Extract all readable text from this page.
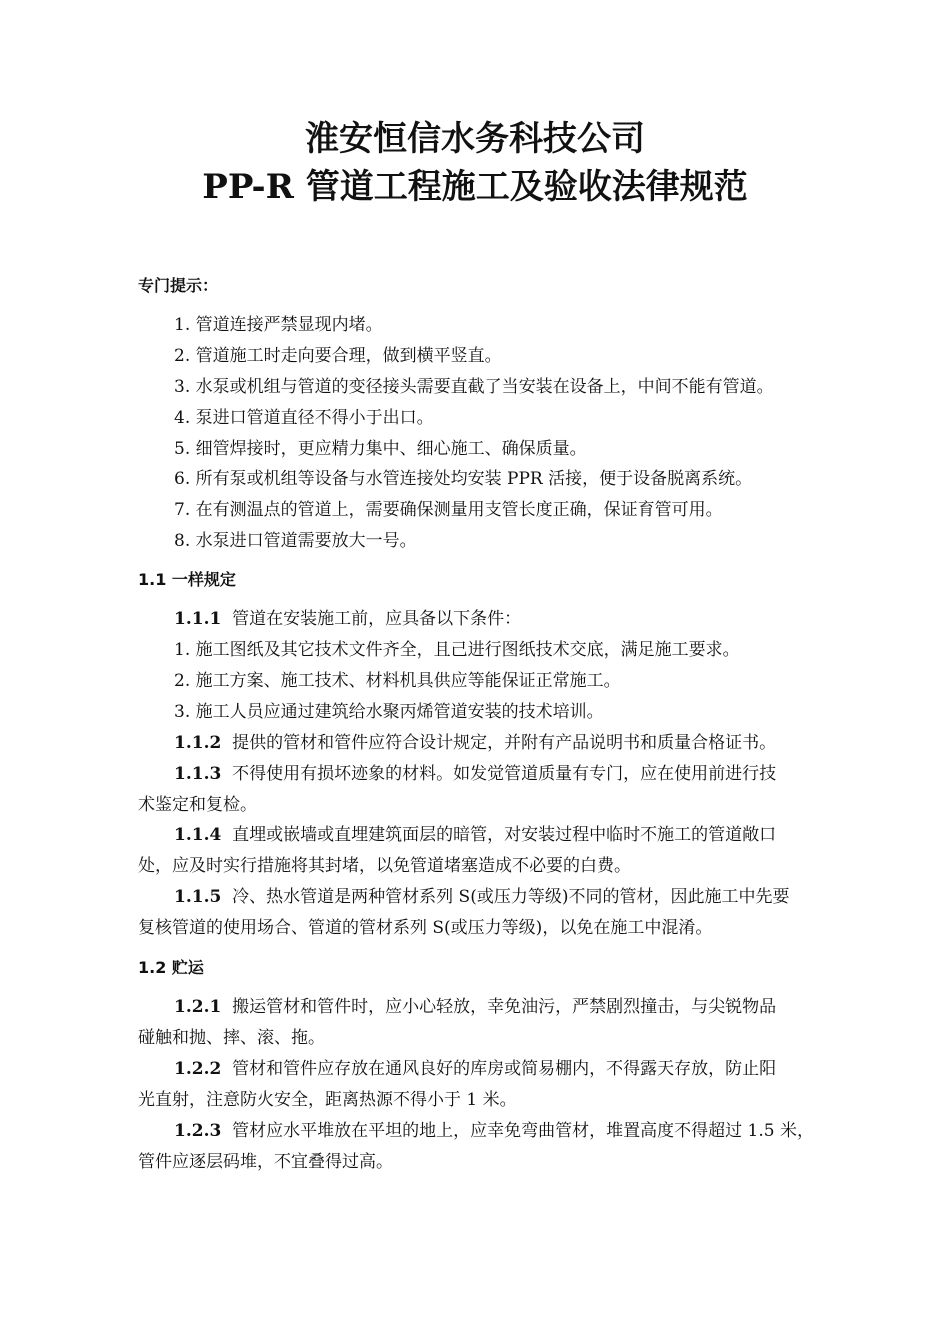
淮安恒信水务科技公司
PP-R 管道工程施工及验收法律规范
专门提示：
1. 管道连接严禁显现内堵。
2. 管道施工时走向要合理，做到横平竖直。
3. 水泵或机组与管道的变径接头需要直截了当安装在设备上，中间不能有管道。
4. 泵进口管道直径不得小于出口。
5. 细管焊接时，更应精力集中、细心施工、确保质量。
6. 所有泵或机组等设备与水管连接处均安装 PPR 活接，便于设备脱离系统。
7. 在有测温点的管道上，需要确保测量用支管长度正确，保证育管可用。
8. 水泵进口管道需要放大一号。
1.1 一样规定
1.1.1 管道在安装施工前，应具备以下条件：
1. 施工图纸及其它技术文件齐全，且己进行图纸技术交底，满足施工要求。
2. 施工方案、施工技术、材料机具供应等能保证正常施工。
3. 施工人员应通过建筑给水聚丙烯管道安装的技术培训。
1.1.2 提供的管材和管件应符合设计规定，并附有产品说明书和质量合格证书。
1.1.3 不得使用有损坏迹象的材料。如发觉管道质量有专门，应在使用前进行技
术鉴定和复检。
1.1.4 直埋或嵌墙或直埋建筑面层的暗管，对安装过程中临时不施工的管道敞口
处，应及时实行措施将其封堵，以免管道堵塞造成不必要的白费。
1.1.5 冷、热水管道是两种管材系列 S(或压力等级)不同的管材，因此施工中先要
复核管道的使用场合、管道的管材系列 S(或压力等级)，以免在施工中混淆。
1.2 贮运
1.2.1 搬运管材和管件时，应小心轻放，幸免油污，严禁剧烈撞击，与尖锐物品
碰触和抛、摔、滚、拖。
1.2.2 管材和管件应存放在通风良好的库房或简易棚内，不得露天存放，防止阳
光直射，注意防火安全，距离热源不得小于 1 米。
1.2.3 管材应水平堆放在平坦的地上，应幸免弯曲管材，堆置高度不得超过 1.5 米，
管件应逐层码堆，不宜叠得过高。
